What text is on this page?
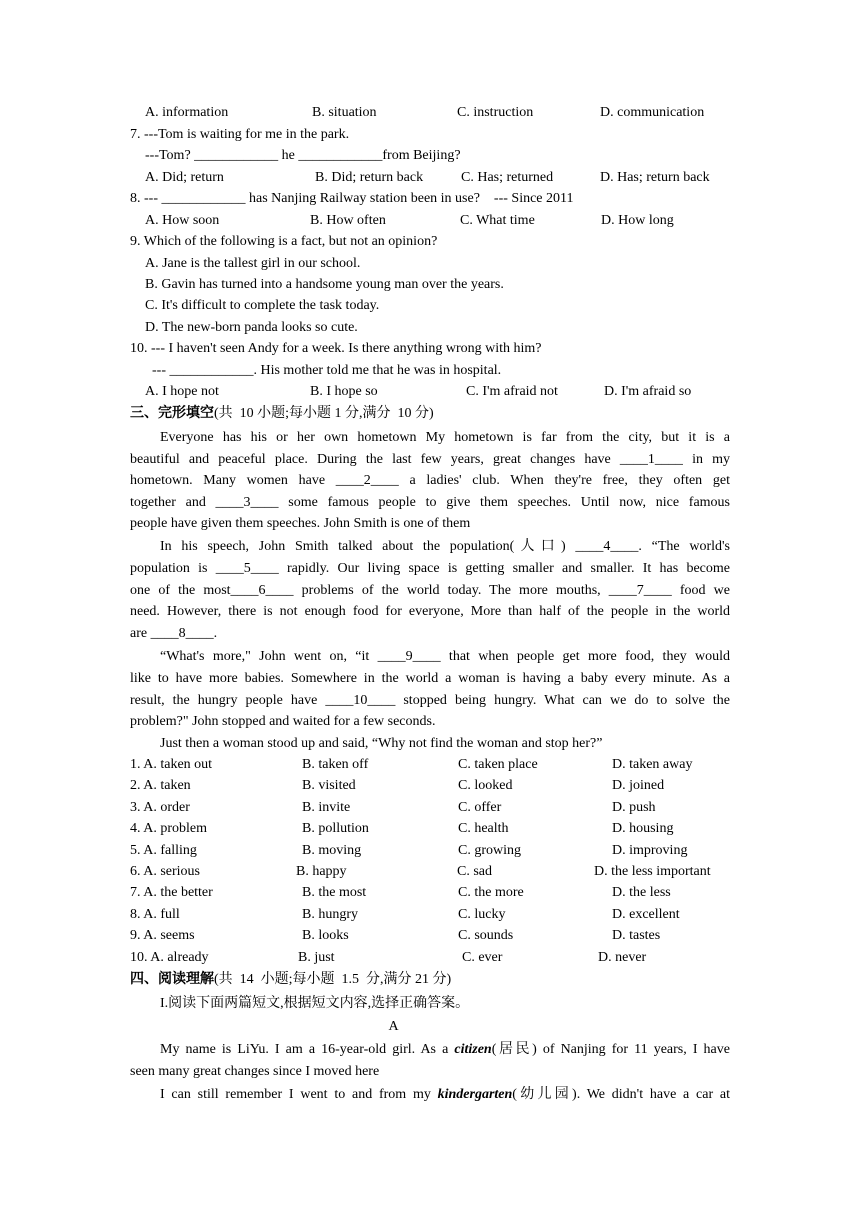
A. information	B. situation	C. instruction	D. communication
7. ---Tom is waiting for me in the park.
---Tom? ____________ he ____________from Beijing?
A. Did; return	B. Did; return back	C. Has; returned	D. Has; return back
8. --- ____________ has Nanjing Railway station been in use?    --- Since 2011
A. How soon	B. How often	C. What time	D. How long
9. Which of the following is a fact, but not an opinion?
A. Jane is the tallest girl in our school.
B. Gavin has turned into a handsome young man over the years.
C. It's difficult to complete the task today.
D. The new-born panda looks so cute.
10. --- I haven't seen Andy for a week. Is there anything wrong with him?
--- ____________. His mother told me that he was in hospital.
A. I hope not	B. I hope so	C. I'm afraid not	D. I'm afraid so
三、完形填空(共  10 小题;每小题 1 分,满分  10 分)
Everyone has his or her own hometown My hometown is far from the city, but it is a
beautiful and peaceful place. During the last few years, great changes have ____1____ in my
hometown. Many women have ____2____ a ladies' club. When they're free, they often get
together and ____3____ some famous people to give them speeches. Until now, nice famous
people have given them speeches. John Smith is one of them
In his speech, John Smith talked about the population(人口) ____4____. “The world's
population is ____5____ rapidly. Our living space is getting smaller and smaller. It has become
one of the most____6____ problems of the world today. The more mouths, ____7____ food we
need. However, there is not enough food for everyone, More than half of the people in the world
are ____8____.
“What's more," John went on, “it ____9____ that when people get more food, they would
like to have more babies. Somewhere in the world a woman is having a baby every minute. As a
result, the hungry people have ____10____ stopped being hungry. What can we do to solve the
problem?" John stopped and waited for a few seconds.
Just then a woman stood up and said, “Why not find the woman and stop her?”
1. A. taken out	B. taken off	C. taken place	D. taken away
2. A. taken	B. visited	C. looked	D. joined
3. A. order	B. invite	C. offer	D. push
4. A. problem	B. pollution	C. health	D. housing
5. A. falling	B. moving	C. growing	D. improving
6. A. serious	B. happy	C. sad	D. the less important
7. A. the better	B. the most	C. the more	D. the less
8. A. full	B. hungry	C. lucky	D. excellent
9. A. seems	B. looks	C. sounds	D. tastes
10. A. already	B. just	C. ever	D. never
四、阅读理解(共  14  小题;每小题  1.5  分,满分 21 分)
I.阅读下面两篇短文,根据短文内容,选择正确答案。
A
My name is LiYu. I am a 16-year-old girl. As a citizen(居民) of Nanjing for 11 years, I have
seen many great changes since I moved here
I can still remember I went to and from my kindergarten(幼儿园). We didn't have a car at
